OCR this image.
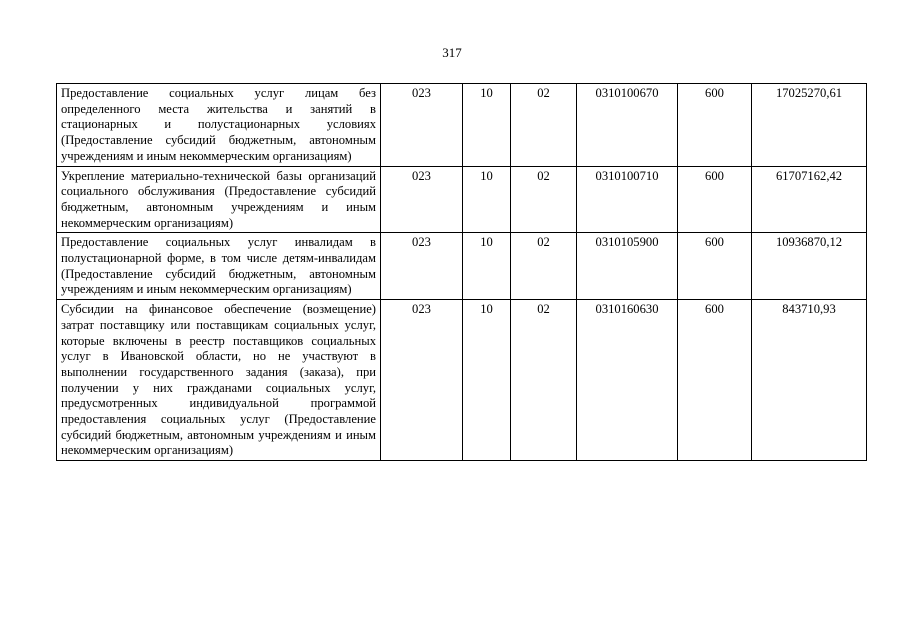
317
Предоставление социальных услуг лицам без определенного места жительства и занятий в стационарных и полустационарных условиях (Предоставление субсидий бюджетным, автономным учреждениям и иным некоммерческим организациям)	023	10	02	0310100670	600	17025270,61
Укрепление материально-технической базы организаций социального обслуживания (Предоставление субсидий бюджетным, автономным учреждениям и иным некоммерческим организациям)	023	10	02	0310100710	600	61707162,42
Предоставление социальных услуг инвалидам в полустационарной форме, в том числе детям-инвалидам (Предоставление субсидий бюджетным, автономным учреждениям и иным некоммерческим организациям)	023	10	02	0310105900	600	10936870,12
Субсидии на финансовое обеспечение (возмещение) затрат поставщику или поставщикам социальных услуг, которые включены в реестр поставщиков социальных услуг в Ивановской области, но не участвуют в выполнении государственного задания (заказа), при получении у них гражданами социальных услуг, предусмотренных индивидуальной программой предоставления социальных услуг (Предоставление субсидий бюджетным, автономным учреждениям и иным некоммерческим организациям)	023	10	02	0310160630	600	843710,93
